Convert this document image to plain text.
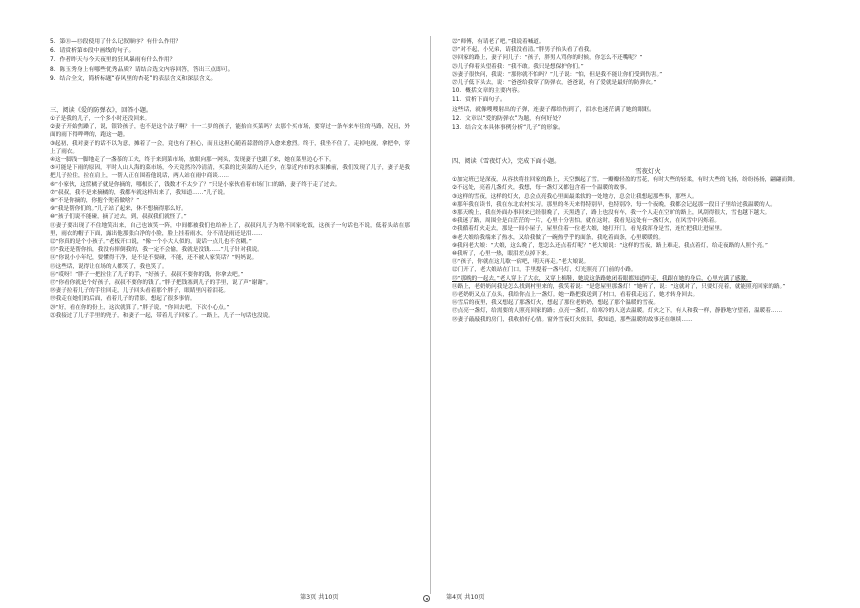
5．第⑪—⑬段使用了什么记叙顺序？有什么作用？

6．请赏析第⑤段中画线的句子。

7．作者昨天与今天夜里的狂风暴雨有什么作用？

8．陈玉秀身上有哪些优秀品质？请结合选文内容回答，答出三点即可。

9．结合全文，简析标题“春风里的杏花”的表层含义和深层含义。

三、阅读《爱的防弹衣》，回答小题。

①子是我的儿子，一个多小时还没回来。

②妻子开始焦躁了，说，银铃孩子，也不是这个法子啊？十一二岁的孩子，能抬自买菜吗？去那个买市场，要穿过一条车来车往的马路，况且，外面的雨下得哗哗的，跑这一趟。

③起初，我对妻子的话不以为意，摊着了一会，竟也有了担心，而且这担心随着蒜潜的浮入愈来愈烈。终于，我坐不住了，走掉电视，拿把伞，穿上了雨衣。

④这一脚浅一脚地走了一盏茶的工夫，终于来到菜市场，放眼向那一网头，发现妻子也跟了来，她在菜里边心不下。

⑤可能是下雨的原因，平时人山人海的菜市场，今天竟然冷冷清清，买菜的比卖菜的人还少，在靠近内市的水果摊前，我们发现了儿子，妻子是我把儿子拉住，拉在肩上，一帮人正在围着他说话，两人站在雨中商谈……

⑥“小家伙，这筐橘子就是你摘的，哪根长了，钱数才不太少了？”只是小家伙看着市场门口的路，妻子终于走了过去。

⑦“叔叔，我不是来摘橘的，我都车就这样出来了，我知道……”儿子说。

⑧“不是你摘的，你抱个兜着做啥？”

⑨“我是帮你们的。”儿子站了起来，休不想摘得那么好。

⑩“孩子们说不能碰，摘了过去，到，叔叔我们就怪了。”

⑪妻子要出现了不住地笑出来，自己也该笑一阵，中间都被我们也给补上了，叔叔问儿子为啥不回家吃饭，这孩子一句话也不说，低着头站在那里，雨衣的帽子下面，露出他那张白净的小脸，脸上挂着雨水，分不清是雨还是泪……

⑫“你真的是个小孩子。”老板开口说，“像一个小大人似的，说话一点儿也不含糊。”

⑬“我还是帮你抬，我没有摔倒我的，我一定不会偷，我就是没钱……”儿子针对我说。

⑭“你说小小年纪，要懂得干净，是不是不要碰，不能，还不被人家笑话？”妈妈说。

⑮这些话，说得让在场的人都笑了，我也笑了。

⑯“哎呀！”胖子一把拉住了儿子的手，“好孩子，叔叔不要你的钱，你拿去吧。”

⑰“你看你就是个好孩子，叔叔不要你的钱了。”胖子把钱塞到儿子的手里，说了声“谢谢”。

⑱妻子拉着儿子的手往回走，儿子回头看着那个胖子，眼睛里闪着泪花。

⑲我走在她们的后面，看着儿子的背影，想起了很多事情。

⑳“好，看在你的份上，这次就算了。”胖子说，“你回去吧，下次小心点。”

㉑我接过了儿子手里的兜子，和妻子一起，带着儿子回家了。一路上，儿子一句话也没说。

㉒“师傅，有请老了吧。”我说着喊道。

㉓“对不起，小兄弟，请我没看清。”胖男子抬头看了看我。

㉔回家的路上，妻子问儿子：“孩子，胖男人骂你的时候，你怎么不还嘴呢？”

㉕儿子仰着头望着我：“我不敢。我只是想保护你们。”

㉖妻子很快问，我说：“那你就不怕吗？”儿子说：“怕，但是我不能让你们受到伤害。”

㉗儿子低下头去，说：“爸爸给我穿了防弹衣，爸爸说，有了爱就是最好的防弹衣。”

10．概括文章的主要内容。

11．赏析下面句子。

这些话，就像嗖嗖射出的子弹，连妻子都给伤到了，泪水也迷茫满了她的眼眶。

12．文章以“爱的防弹衣”为题，有何好处？

13．结合文本具体事例分析“儿子”的形象。

四、阅读《雪夜灯火》，完成下面小题。

雪夜灯火

①加完班已是深夜，从容扶将拄回家的路上，天空飘起了雪。一瓣瓣轻盈的雪花，有时大些的轻柔，有时大些的飞扬，纷纷扬扬，翩翩而舞。

②不远处，亮着几盏灯火，我想，每一盏灯又都包含着一个温暖的故事。

③这样的雪夜，这样的灯火，总会点亮我心里面最柔软的一处地方，总会让我想起那些事，那些人。

④那年我在读书，我在东北农村实习。那里的冬天来得特别早，也特别冷，每一个夜晚，我都会记起那一段日子里给过我温暖的人。

⑤那天晚上，我在外面办事回来已经很晚了，天黑透了，路上也没有车，我一个人走在空旷的路上，风刮得很大，雪也越下越大。

⑥我迷了路，周围全是白茫茫的一片，心里十分害怕。就在这时，我看见远处有一盏灯火，在风雪中闪烁着。

⑦我循着灯火走去，那是一间小屋子，屋里住着一位老大娘，她打开门，看见我浑身是雪，连忙把我让进屋里。

⑧老大娘给我端来了热水，又给我做了一碗热乎乎的面条，我吃着面条，心里暖暖的。

⑨我问老大娘：“大娘，这么晚了，您怎么还点着灯呢？”老大娘说：“这样的雪夜，路上难走，我点着灯，给走夜路的人照个亮。”

⑩我听了，心里一热，眼泪差点掉下来。

⑪“孩子，你就在这儿歇一宿吧，明天再走。”老大娘说。

⑫门开了，老大娘站在门口，手里提着一盏马灯，灯光照亮了门前的小路。

⑬“那晚的一起去，”老人穿上了大衣，又穿上棉鞋，她说这条路她闭着眼都知道咋走，我跟在她的身后，心里充满了感激。

⑭路上，老奶奶问我是怎么找到村里来的，我笑着说：“是您屋里那盏灯！”她听了，说：“这就对了，只要灯亮着，就能照亮回家的路。”

⑮老奶奶又点了点头，我给你点上一盏灯。她一路把我送到了村口，看着我走远了，她才转身回去。

⑯雪后的夜里，我又想起了那盏灯火，想起了那位老奶奶，想起了那个温暖的雪夜。

⑰点亮一盏灯，给需要的人照亮回家的路；点亮一盏灯，给寒冷的人送去温暖。灯火之下，有人和我一样，静静地守望着，温暖着……

⑱妻子敲敲我的房门，我收拾好心情。窗外雪夜灯火依旧，我知道，那些温暖的故事还在继续……

第3页 共10页	第4页 共10页
